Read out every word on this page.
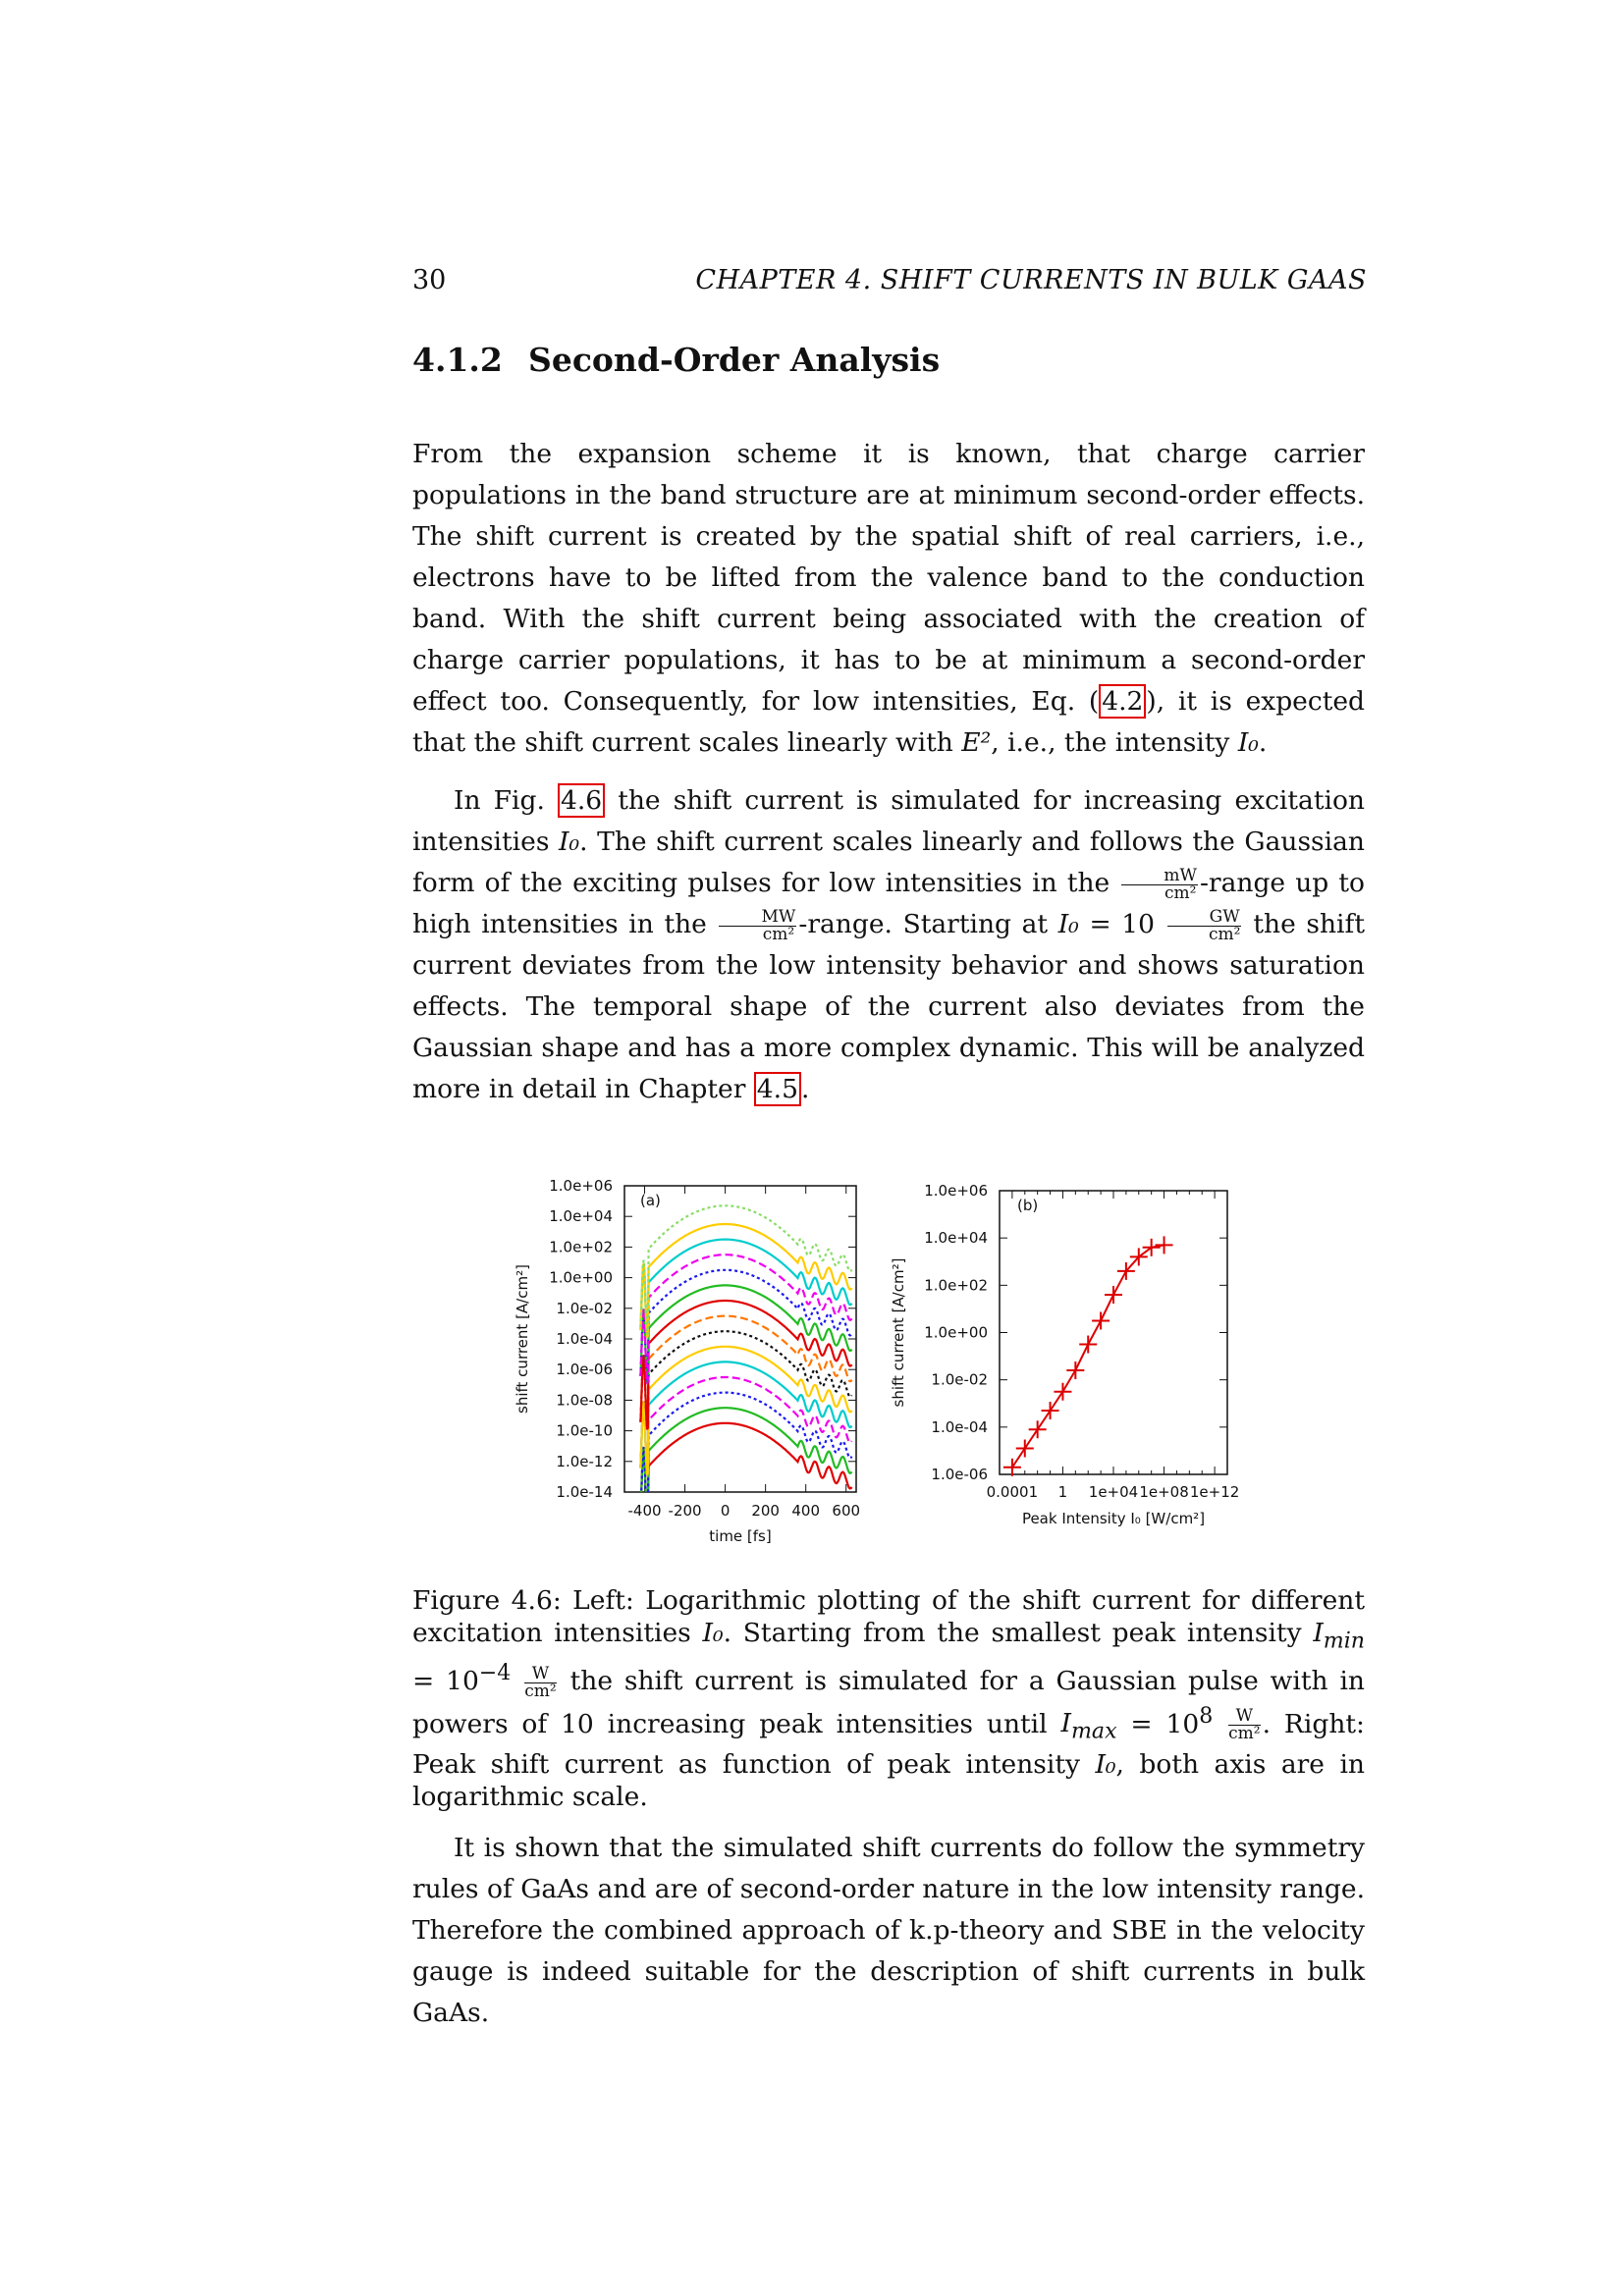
30	CHAPTER 4. SHIFT CURRENTS IN BULK GAAS
4.1.2 Second-Order Analysis

From the expansion scheme it is known, that charge carrier populations in the band structure are at minimum second-order effects. The shift current is created by the spatial shift of real carriers, i.e., electrons have to be lifted from the valence band to the conduction band. With the shift current being associated with the creation of charge carrier populations, it has to be at minimum a second-order effect too. Consequently, for low intensities, Eq. ( 4.2 ), it is expected that the shift current scales linearly with E², i.e., the intensity I₀.

In Fig. 4.6 the shift current is simulated for increasing excitation intensities I₀. The shift current scales linearly and follows the Gaussian form of the exciting pulses for low intensities in the $\frac{mW}{\text{cm²}}$ -range up to high intensities in the $\frac{MW}{\text{cm²}}$ -range. Starting at $I_0 = 10 \frac{GW}{\text{cm²}}$ the shift current deviates from the low intensity behavior and shows saturation effects. The temporal shape of the current also deviates from the Gaussian shape and has a more complex dynamic. This will be analyzed more in detail in Chapter 4.5 .

1.0e+06
1.0e+04
1.0e+02
1.0e+00
1.0e-02
1.0e-04
1.0e-06
1.0e-08
1.0e-10
1.0e-12
1.0e-14
-400 -200 0 200 400 600
time [fs]
shift current [A/cm²]
(a)
1.0e+06
1.0e+04
1.0e+02
1.0e+00
1.0e-02
1.0e-04
1.0e-06
0.0001 1 1e+04 1e+08 1e+12
Peak Intensity I₀ [W/cm²]
shift current [A/cm²]
(b)

Figure 4.6: Left: Logarithmic plotting of the shift current for different excitation intensities I₀. Starting from the smallest peak intensity $I_{min} = 10^{-4} \frac{W}{\text{cm²}}$ the shift current is simulated for a Gaussian pulse with in powers of 10 increasing peak intensities until $I_{max} = 10^8 \frac{W}{\text{cm²}}$ . Right: Peak shift current as function of peak intensity I₀, both axis are in logarithmic scale.

It is shown that the simulated shift currents do follow the symmetry rules of GaAs and are of second-order nature in the low intensity range. Therefore the combined approach of k.p-theory and SBE in the velocity gauge is indeed suitable for the description of shift currents in bulk GaAs.
